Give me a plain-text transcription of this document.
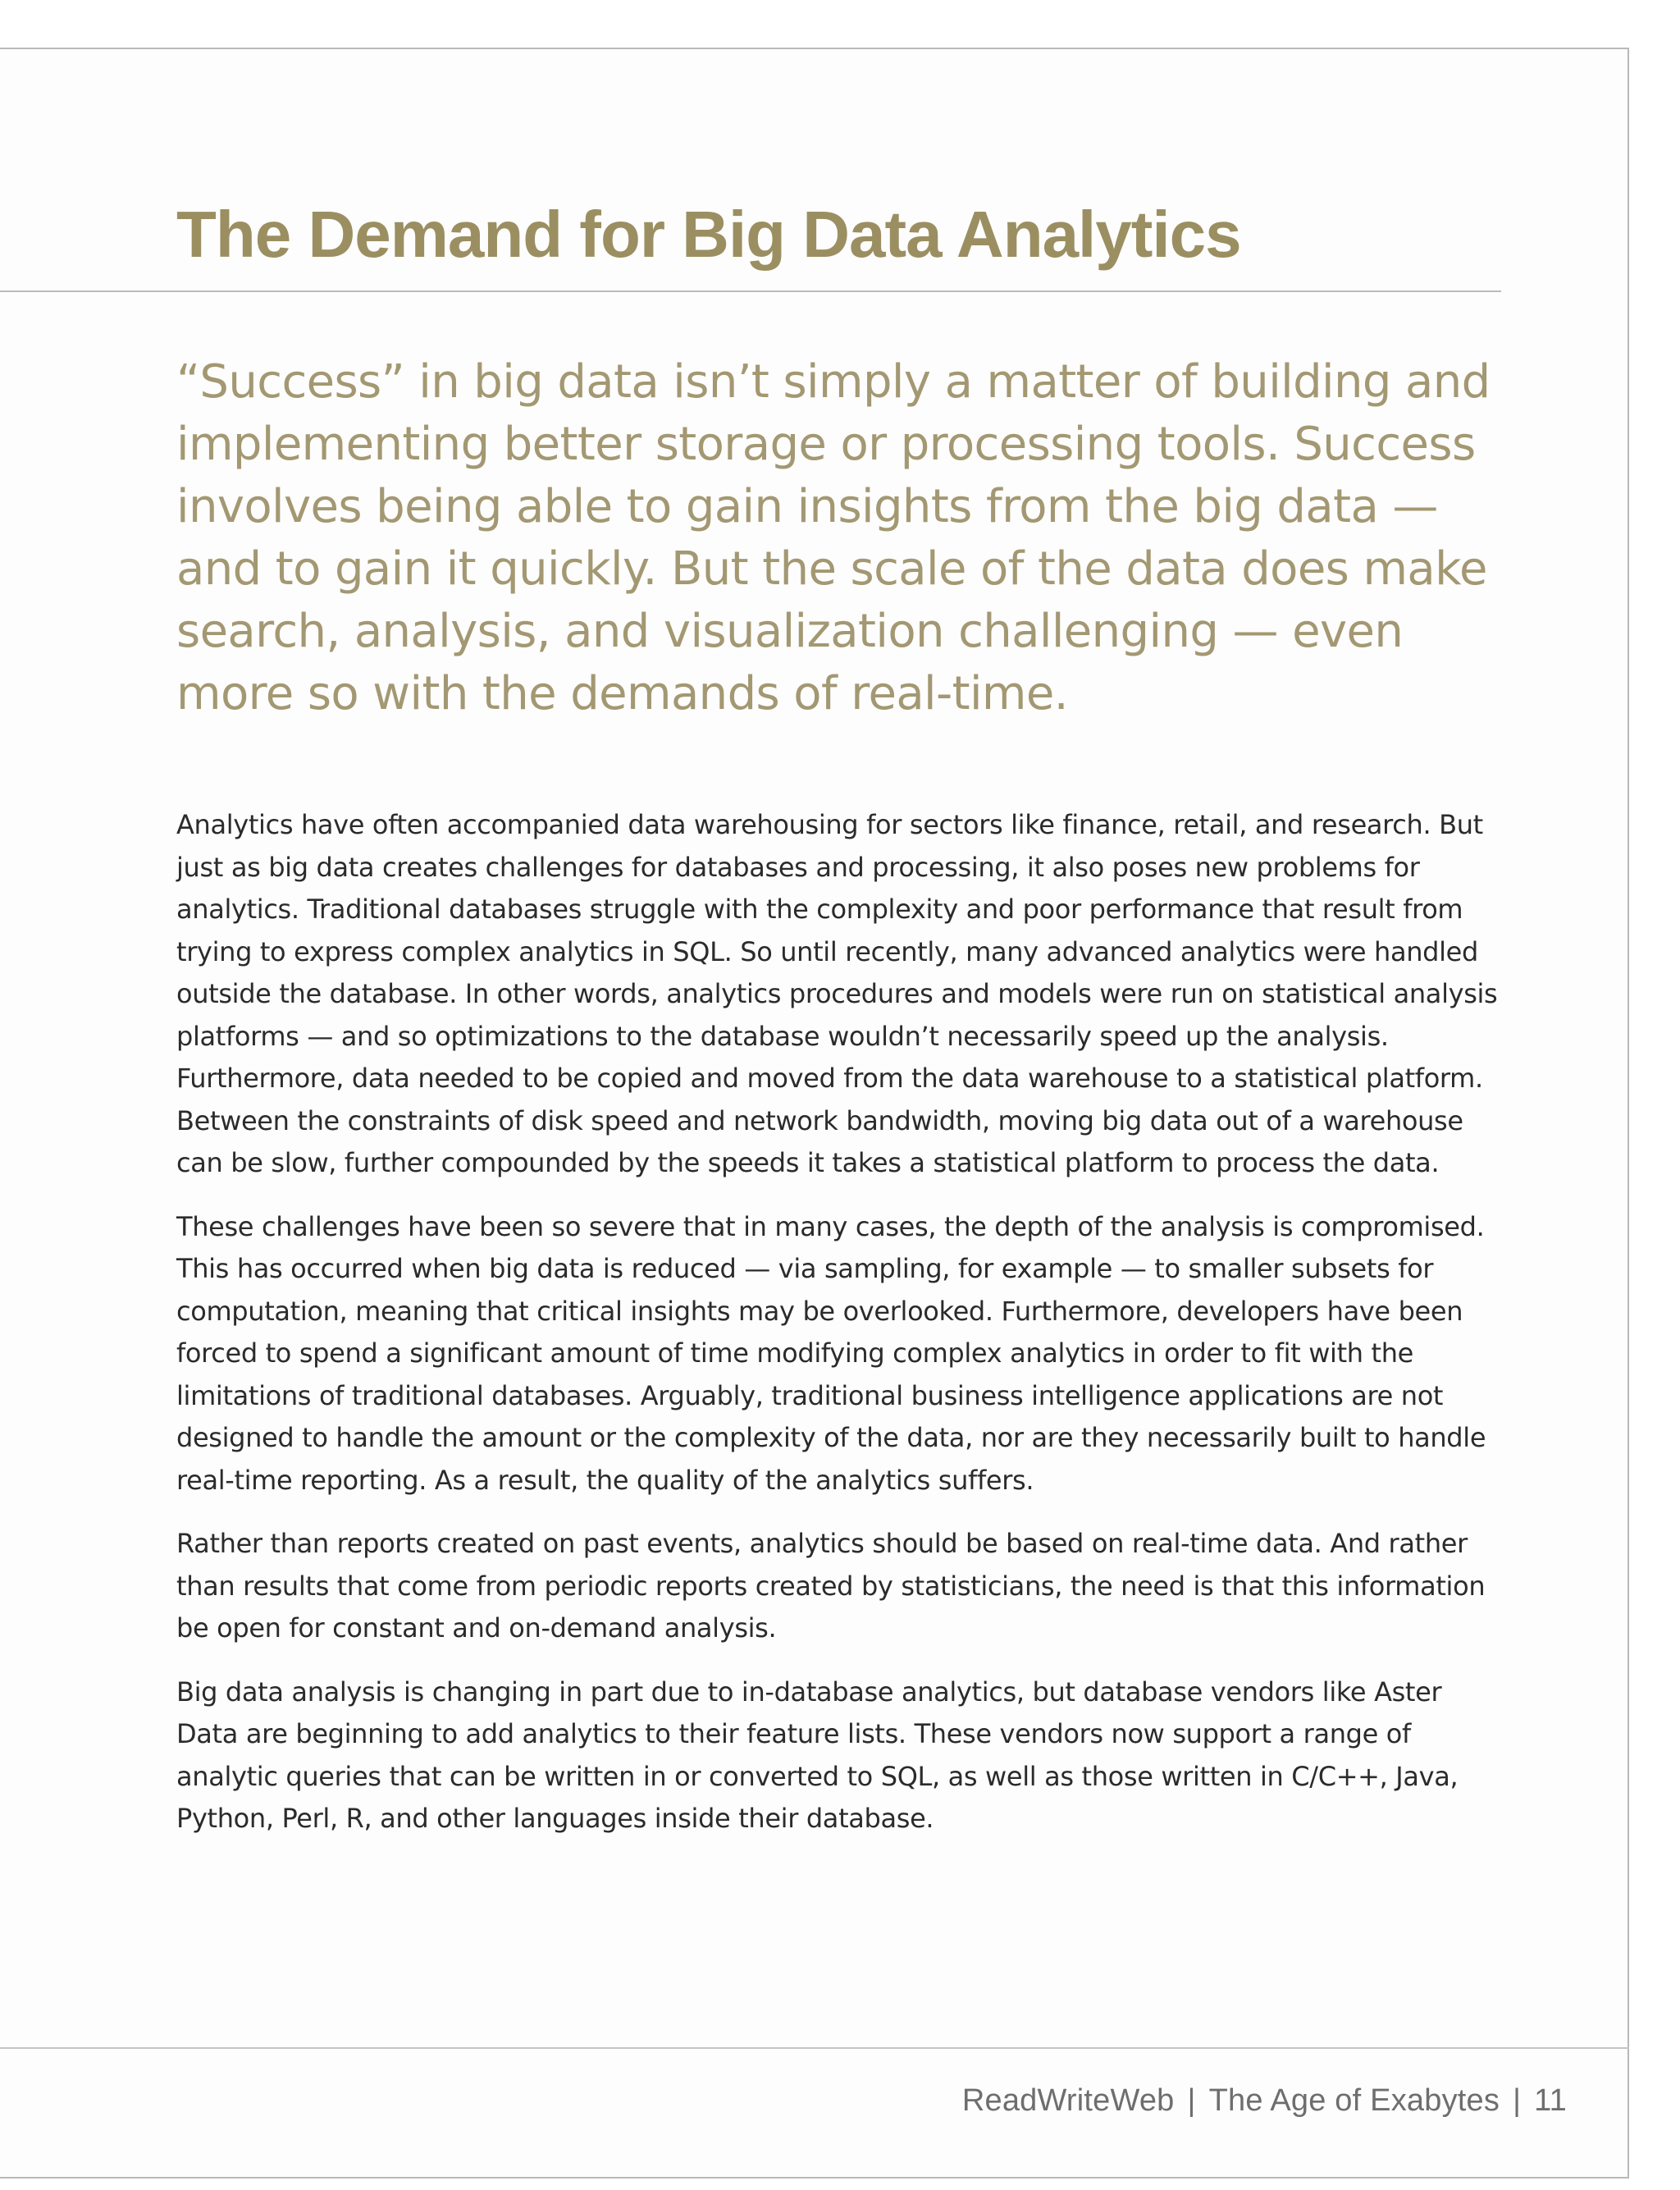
The Demand for Big Data Analytics

“Success” in big data isn’t simply a matter of building and implementing better storage or processing tools. Success involves being able to gain insights from the big data — and to gain it quickly. But the scale of the data does make search, analysis, and visualization challenging — even more so with the demands of real-time.

Analytics have often accompanied data warehousing for sectors like finance, retail, and research. But just as big data creates challenges for databases and processing, it also poses new problems for analytics. Traditional databases struggle with the complexity and poor performance that result from trying to express complex analytics in SQL. So until recently, many advanced analytics were handled outside the database. In other words, analytics procedures and models were run on statistical analysis platforms — and so optimizations to the database wouldn’t necessarily speed up the analysis. Furthermore, data needed to be copied and moved from the data warehouse to a statistical platform. Between the constraints of disk speed and network bandwidth, moving big data out of a warehouse can be slow, further compounded by the speeds it takes a statistical platform to process the data.

These challenges have been so severe that in many cases, the depth of the analysis is compromised. This has occurred when big data is reduced — via sampling, for example — to smaller subsets for computation, meaning that critical insights may be overlooked. Furthermore, developers have been forced to spend a significant amount of time modifying complex analytics in order to fit with the limitations of traditional databases. Arguably, traditional business intelligence applications are not designed to handle the amount or the complexity of the data, nor are they necessarily built to handle real-time reporting. As a result, the quality of the analytics suffers.

Rather than reports created on past events, analytics should be based on real-time data. And rather than results that come from periodic reports created by statisticians, the need is that this information be open for constant and on-demand analysis.

Big data analysis is changing in part due to in-database analytics, but database vendors like Aster Data are beginning to add analytics to their feature lists. These vendors now support a range of analytic queries that can be written in or converted to SQL, as well as those written in C/C++, Java, Python, Perl, R, and other languages inside their database.

ReadWriteWeb | The Age of Exabytes | 11
